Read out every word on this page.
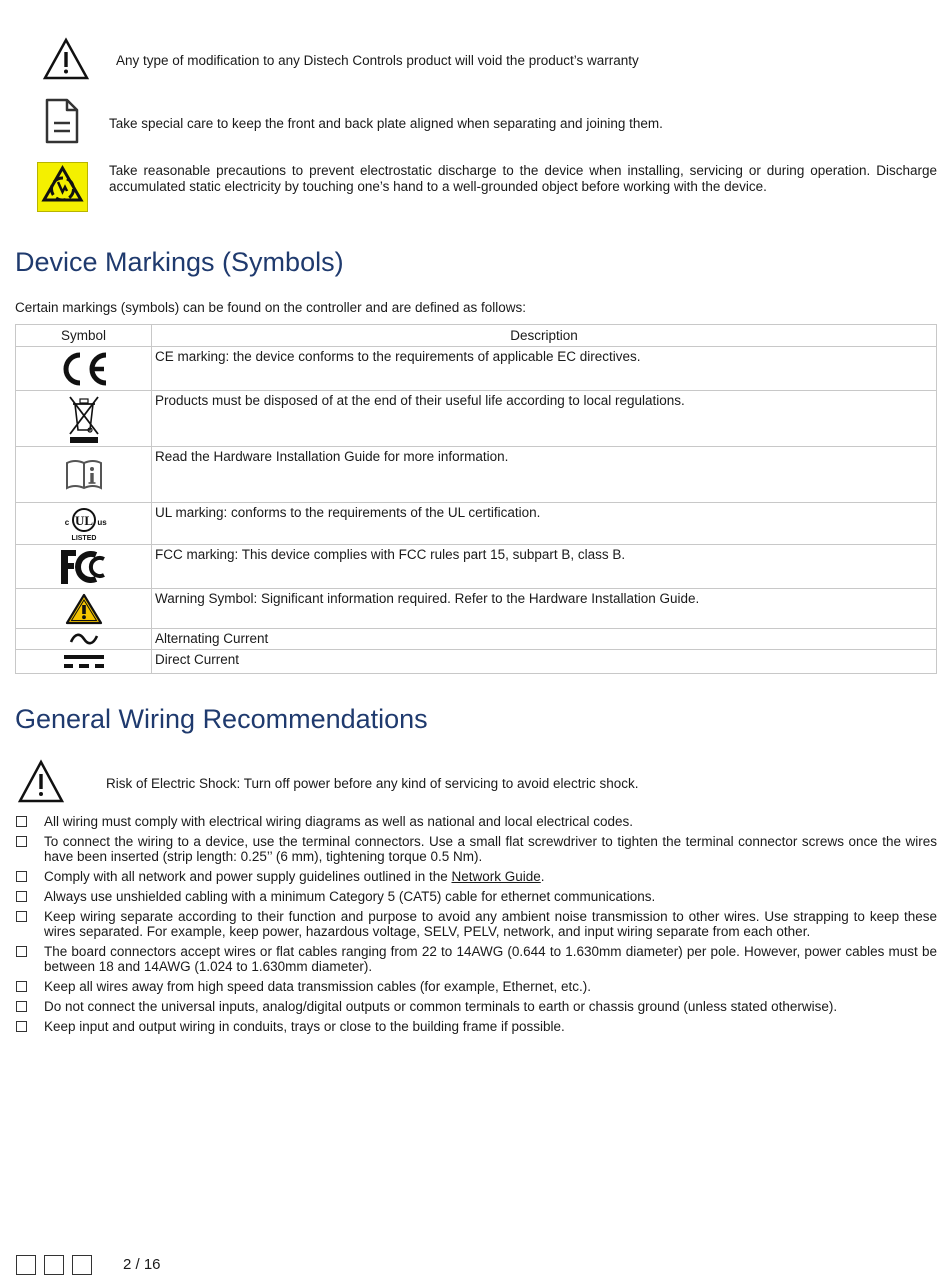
Any type of modification to any Distech Controls product will void the product’s warranty
Take special care to keep the front and back plate aligned when separating and joining them.
Take reasonable precautions to prevent electrostatic discharge to the device when installing, servicing or during operation. Discharge accumulated static electricity by touching one’s hand to a well-grounded object before working with the device.
Device Markings (Symbols)
Certain markings (symbols) can be found on the controller and are defined as follows:
Symbol	Description

	CE marking: the device conforms to the requirements of applicable EC directives.

	Products must be disposed of at the end of their useful life according to local regulations.

	Read the Hardware Installation Guide for more information.

UL
c us
LISTED	UL marking: conforms to the requirements of the UL certification.

	FCC marking: This device complies with FCC rules part 15, subpart B, class B.

	Warning Symbol: Significant information required. Refer to the Hardware Installation Guide.

	Alternating Current

	Direct Current
General Wiring Recommendations
Risk of Electric Shock: Turn off power before any kind of servicing to avoid electric shock.
All wiring must comply with electrical wiring diagrams as well as national and local electrical codes.
To connect the wiring to a device, use the terminal connectors. Use a small flat screwdriver to tighten the terminal connector screws once the wires have been inserted (strip length: 0.25’’ (6 mm), tightening torque 0.5 Nm).
Comply with all network and power supply guidelines outlined in the Network Guide.
Always use unshielded cabling with a minimum Category 5 (CAT5) cable for ethernet communications.
Keep wiring separate according to their function and purpose to avoid any ambient noise transmission to other wires. Use strapping to keep these wires separated. For example, keep power, hazardous voltage, SELV, PELV, network, and input wiring separate from each other.
The board connectors accept wires or flat cables ranging from 22 to 14AWG (0.644 to 1.630mm diameter) per pole. However, power cables must be between 18 and 14AWG (1.024 to 1.630mm diameter).
Keep all wires away from high speed data transmission cables (for example, Ethernet, etc.).
Do not connect the universal inputs, analog/digital outputs or common terminals to earth or chassis ground (unless stated otherwise).
Keep input and output wiring in conduits, trays or close to the building frame if possible.
2 / 16
